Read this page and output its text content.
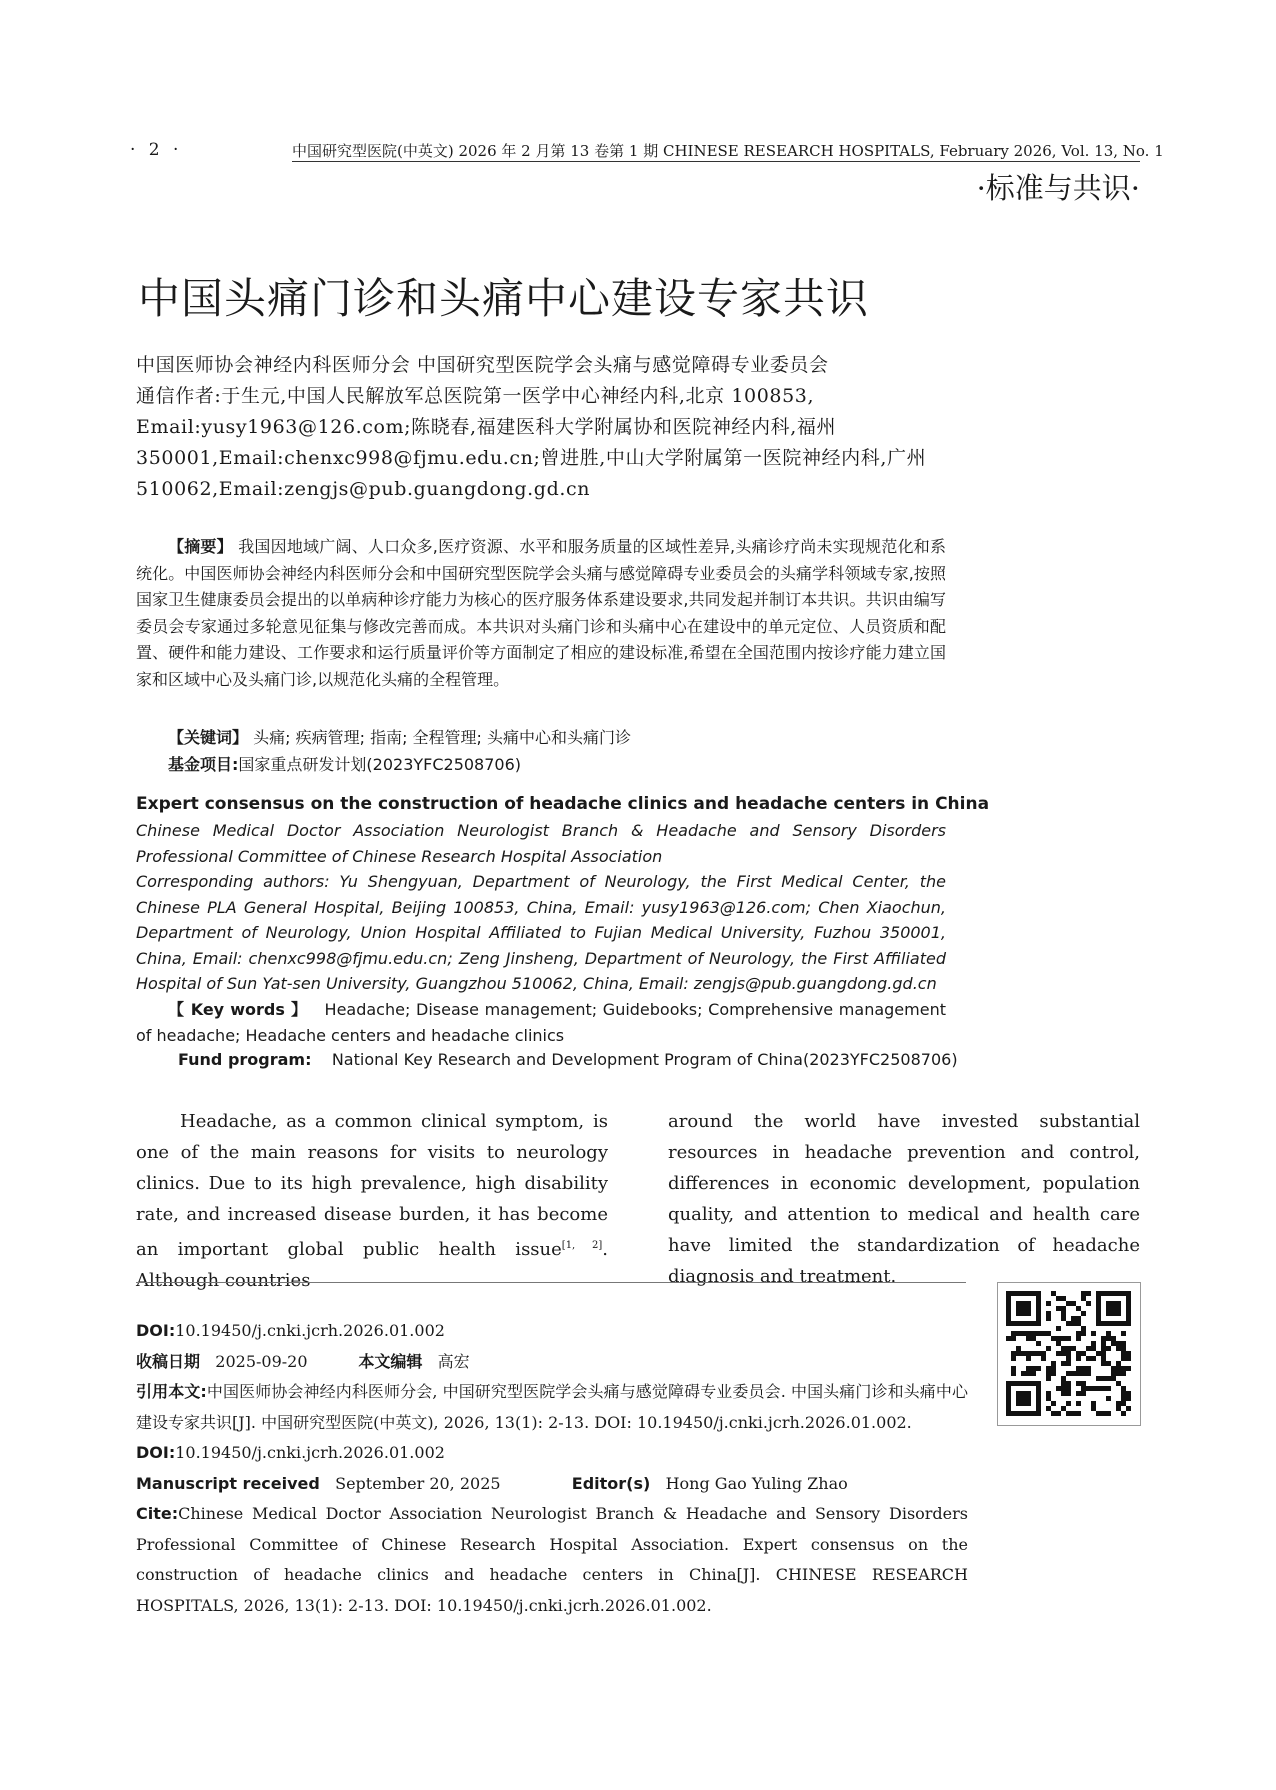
· 2 ·	中国研究型医院(中英文) 2026 年 2 月第 13 卷第 1 期 CHINESE RESEARCH HOSPITALS, February 2026, Vol. 13, No. 1
·标准与共识·
中国头痛门诊和头痛中心建设专家共识
中国医师协会神经内科医师分会 中国研究型医院学会头痛与感觉障碍专业委员会
通信作者:于生元,中国人民解放军总医院第一医学中心神经内科,北京 100853,
Email:yusy1963@126.com;陈晓春,福建医科大学附属协和医院神经内科,福州
350001,Email:chenxc998@fjmu.edu.cn;曾进胜,中山大学附属第一医院神经内科,广州
510062,Email:zengjs@pub.guangdong.gd.cn
【摘要】 我国因地域广阔、人口众多,医疗资源、水平和服务质量的区域性差异,头痛诊疗尚未实现规范化和系统化。中国医师协会神经内科医师分会和中国研究型医院学会头痛与感觉障碍专业委员会的头痛学科领域专家,按照国家卫生健康委员会提出的以单病种诊疗能力为核心的医疗服务体系建设要求,共同发起并制订本共识。共识由编写委员会专家通过多轮意见征集与修改完善而成。本共识对头痛门诊和头痛中心在建设中的单元定位、人员资质和配置、硬件和能力建设、工作要求和运行质量评价等方面制定了相应的建设标准,希望在全国范围内按诊疗能力建立国家和区域中心及头痛门诊,以规范化头痛的全程管理。
【关键词】 头痛; 疾病管理; 指南; 全程管理; 头痛中心和头痛门诊
基金项目:国家重点研发计划(2023YFC2508706)
Expert consensus on the construction of headache clinics and headache centers in China
Chinese Medical Doctor Association Neurologist Branch & Headache and Sensory Disorders Professional Committee of Chinese Research Hospital Association
Corresponding authors: Yu Shengyuan, Department of Neurology, the First Medical Center, the Chinese PLA General Hospital, Beijing 100853, China, Email: yusy1963@126.com; Chen Xiaochun, Department of Neurology, Union Hospital Affiliated to Fujian Medical University, Fuzhou 350001, China, Email: chenxc998@fjmu.edu.cn; Zeng Jinsheng, Department of Neurology, the First Affiliated Hospital of Sun Yat-sen University, Guangzhou 510062, China, Email: zengjs@pub.guangdong.gd.cn
【 Key words 】 Headache; Disease management; Guidebooks; Comprehensive management of headache; Headache centers and headache clinics
Fund program: National Key Research and Development Program of China(2023YFC2508706)
Headache, as a common clinical symptom, is one of the main reasons for visits to neurology clinics. Due to its high prevalence, high disability rate, and increased disease burden, it has become an important global public health issue[1, 2]. Although countries
around the world have invested substantial resources in headache prevention and control, differences in economic development, population quality, and attention to medical and health care have limited the standardization of headache diagnosis and treatment.
DOI:10.19450/j.cnki.jcrh.2026.01.002
收稿日期 2025-09-20	本文编辑 高宏
引用本文:中国医师协会神经内科医师分会, 中国研究型医院学会头痛与感觉障碍专业委员会. 中国头痛门诊和头痛中心建设专家共识[J]. 中国研究型医院(中英文), 2026, 13(1): 2-13. DOI: 10.19450/j.cnki.jcrh.2026.01.002.
DOI:10.19450/j.cnki.jcrh.2026.01.002
Manuscript received September 20, 2025	Editor(s) Hong Gao Yuling Zhao
Cite:Chinese Medical Doctor Association Neurologist Branch & Headache and Sensory Disorders Professional Committee of Chinese Research Hospital Association. Expert consensus on the construction of headache clinics and headache centers in China[J]. CHINESE RESEARCH HOSPITALS, 2026, 13(1): 2-13. DOI: 10.19450/j.cnki.jcrh.2026.01.002.
